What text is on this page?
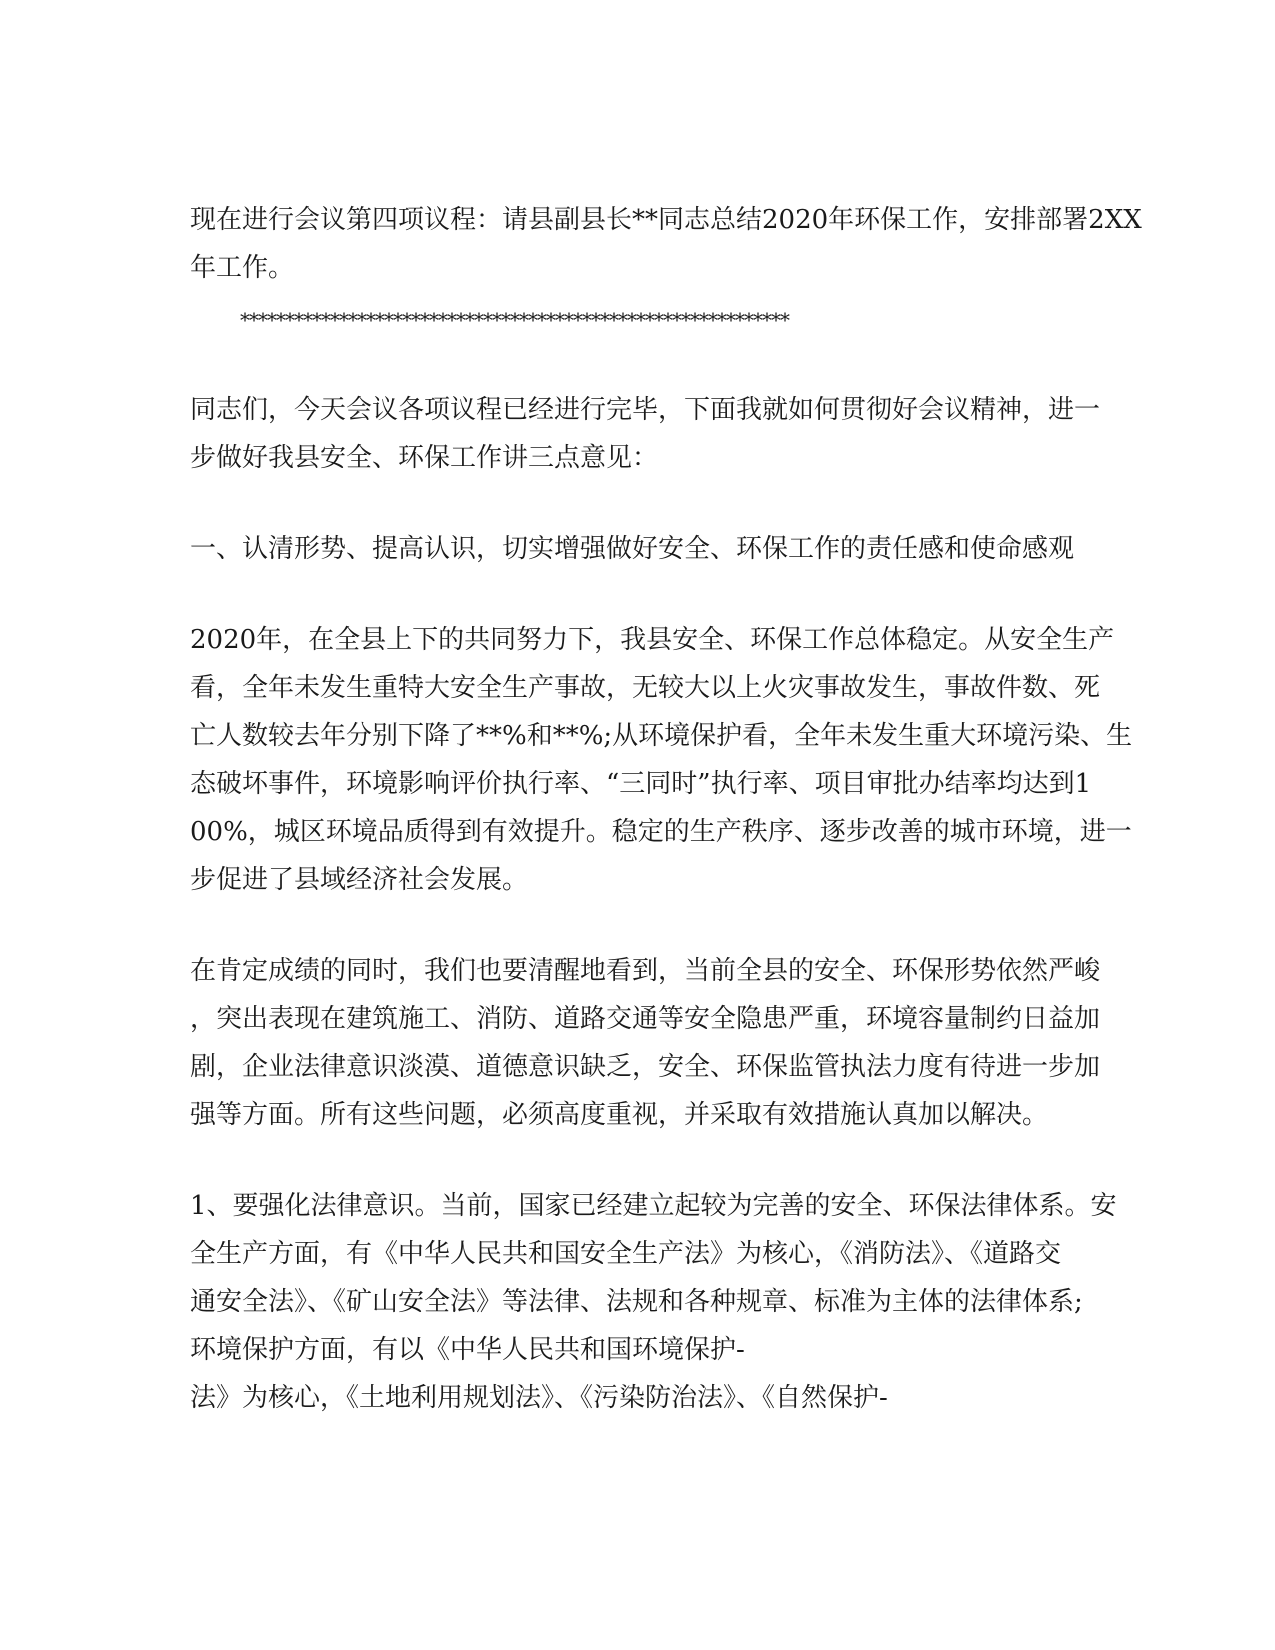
现在进行会议第四项议程：请县副县长**同志总结2020年环保工作，安排部署2XX
年工作。
*************************************************************
同志们，今天会议各项议程已经进行完毕，下面我就如何贯彻好会议精神，进一
步做好我县安全、环保工作讲三点意见：
一、认清形势、提高认识，切实增强做好安全、环保工作的责任感和使命感观
2020年，在全县上下的共同努力下，我县安全、环保工作总体稳定。从安全生产
看，全年未发生重特大安全生产事故，无较大以上火灾事故发生，事故件数、死
亡人数较去年分别下降了**%和**%;从环境保护看，全年未发生重大环境污染、生
态破坏事件，环境影响评价执行率、“三同时”执行率、项目审批办结率均达到1
00%，城区环境品质得到有效提升。稳定的生产秩序、逐步改善的城市环境，进一
步促进了县域经济社会发展。
在肯定成绩的同时，我们也要清醒地看到，当前全县的安全、环保形势依然严峻
，突出表现在建筑施工、消防、道路交通等安全隐患严重，环境容量制约日益加
剧，企业法律意识淡漠、道德意识缺乏，安全、环保监管执法力度有待进一步加
强等方面。所有这些问题，必须高度重视，并采取有效措施认真加以解决。
1、要强化法律意识。当前，国家已经建立起较为完善的安全、环保法律体系。安
全生产方面，有《中华人民共和国安全生产法》为核心，《消防法》、《道路交
通安全法》、《矿山安全法》等法律、法规和各种规章、标准为主体的法律体系;
环境保护方面，有以《中华人民共和国环境保护-
法》为核心，《土地利用规划法》、《污染防治法》、《自然保护-
